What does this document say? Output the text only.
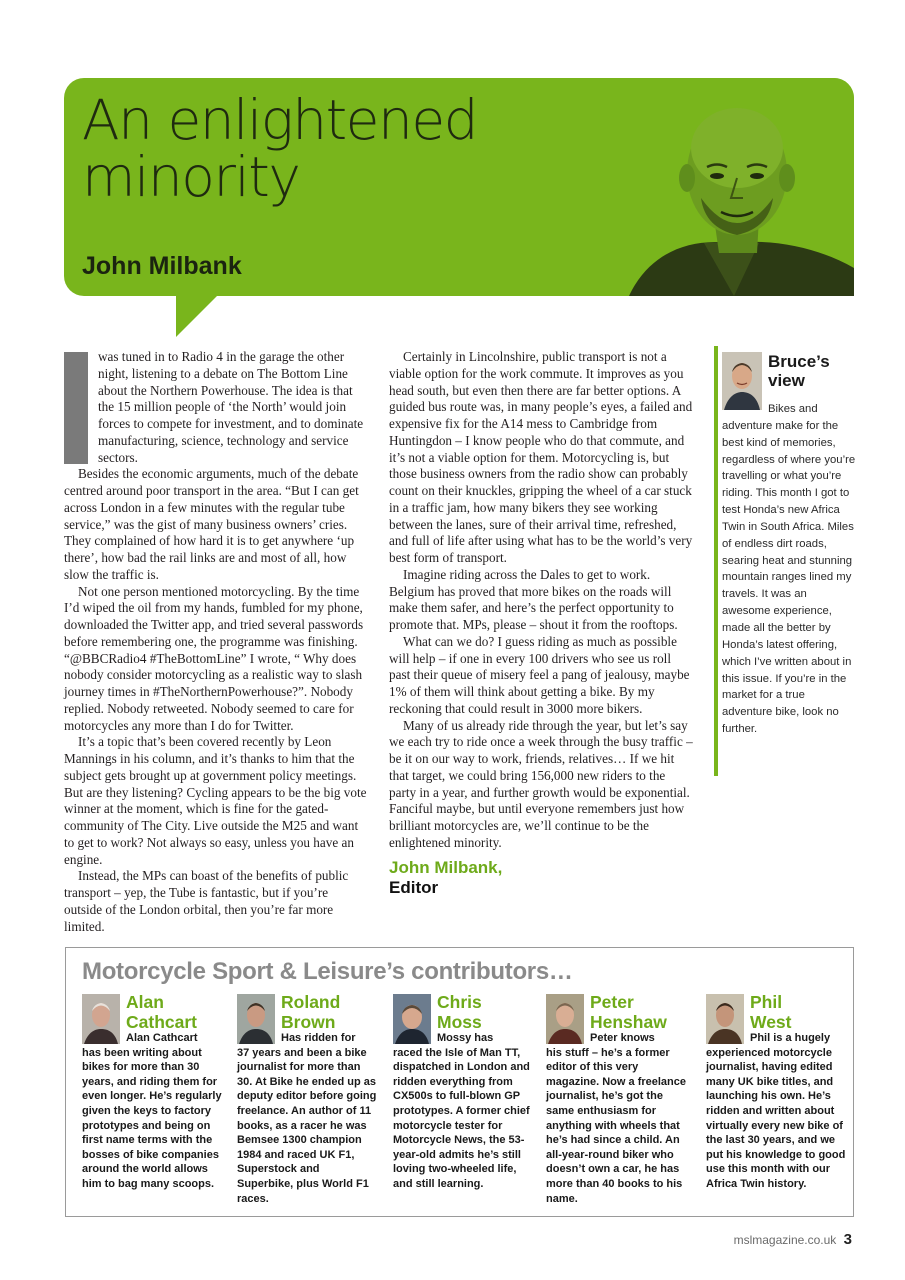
An enlightened
minority
John Milbank

was tuned in to Radio 4 in the garage the other night, listening to a debate on The Bottom Line about the Northern Powerhouse. The idea is that the 15 million people of ‘the North’ would join forces to compete for investment, and to dominate manufacturing, science, technology and service sectors.

Besides the economic arguments, much of the debate centred around poor transport in the area. “But I can get across London in a few minutes with the regular tube service,” was the gist of many business owners’ cries. They complained of how hard it is to get anywhere ‘up there’, how bad the rail links are and most of all, how slow the traffic is.

Not one person mentioned motorcycling. By the time I’d wiped the oil from my hands, fumbled for my phone, downloaded the Twitter app, and tried several passwords before remembering one, the programme was finishing. “@BBCRadio4 #TheBottomLine” I wrote, “ Why does nobody consider motorcycling as a realistic way to slash journey times in #TheNorthernPowerhouse?”. Nobody replied. Nobody retweeted. Nobody seemed to care for motorcycles any more than I do for Twitter.

It’s a topic that’s been covered recently by Leon Mannings in his column, and it’s thanks to him that the subject gets brought up at government policy meetings. But are they listening? Cycling appears to be the big vote winner at the moment, which is fine for the gated-community of The City. Live outside the M25 and want to get to work? Not always so easy, unless you have an engine.

Instead, the MPs can boast of the benefits of public transport – yep, the Tube is fantastic, but if you’re outside of the London orbital, then you’re far more limited.

Certainly in Lincolnshire, public transport is not a viable option for the work commute. It improves as you head south, but even then there are far better options. A guided bus route was, in many people’s eyes, a failed and expensive fix for the A14 mess to Cambridge from Huntingdon – I know people who do that commute, and it’s not a viable option for them. Motorcycling is, but those business owners from the radio show can probably count on their knuckles, gripping the wheel of a car stuck in a traffic jam, how many bikers they see working between the lanes, sure of their arrival time, refreshed, and full of life after using what has to be the world’s very best form of transport.

Imagine riding across the Dales to get to work. Belgium has proved that more bikes on the roads will make them safer, and here’s the perfect opportunity to promote that. MPs, please – shout it from the rooftops.

What can we do? I guess riding as much as possible will help – if one in every 100 drivers who see us roll past their queue of misery feel a pang of jealousy, maybe 1% of them will think about getting a bike. By my reckoning that could result in 3000 more bikers.

Many of us already ride through the year, but let’s say we each try to ride once a week through the busy traffic – be it on our way to work, friends, relatives… If we hit that target, we could bring 156,000 new riders to the party in a year, and further growth would be exponential. Fanciful maybe, but until everyone remembers just how brilliant motorcycles are, we’ll continue to be the enlightened minority.

John Milbank,
Editor
Bruce’s
view
Bikes and
adventure make for the best kind of memories, regardless of where you’re travelling or what you’re riding. This month I got to test Honda’s new Africa Twin in South Africa. Miles of endless dirt roads, searing heat and stunning mountain ranges lined my travels. It was an awesome experience, made all the better by Honda’s latest offering, which I’ve written about in this issue. If you’re in the market for a true adventure bike, look no further.
Motorcycle Sport & Leisure’s contributors…
Alan
Cathcart
Alan Cathcart
has been writing about bikes for more than 30 years, and riding them for even longer. He’s regularly given the keys to factory prototypes and being on first name terms with the bosses of bike companies around the world allows him to bag many scoops.
Roland
Brown
Has ridden for
37 years and been a bike journalist for more than 30. At Bike he ended up as deputy editor before going freelance. An author of 11 books, as a racer he was Bemsee 1300 champion 1984 and raced UK F1, Superstock and Superbike, plus World F1 races.
Chris
Moss
Mossy has
raced the Isle of Man TT, dispatched in London and ridden everything from CX500s to full-blown GP prototypes. A former chief motorcycle tester for Motorcycle News, the 53-year-old admits he’s still loving two-wheeled life, and still learning.
Peter
Henshaw
Peter knows
his stuff – he’s a former editor of this very magazine. Now a freelance journalist, he’s got the same enthusiasm for anything with wheels that he’s had since a child. An all-year-round biker who doesn’t own a car, he has more than 40 books to his name.
Phil
West
Phil is a hugely
experienced motorcycle journalist, having edited many UK bike titles, and launching his own. He’s ridden and written about virtually every new bike of the last 30 years, and we put his knowledge to good use this month with our Africa Twin history.
mslmagazine.co.uk 3
